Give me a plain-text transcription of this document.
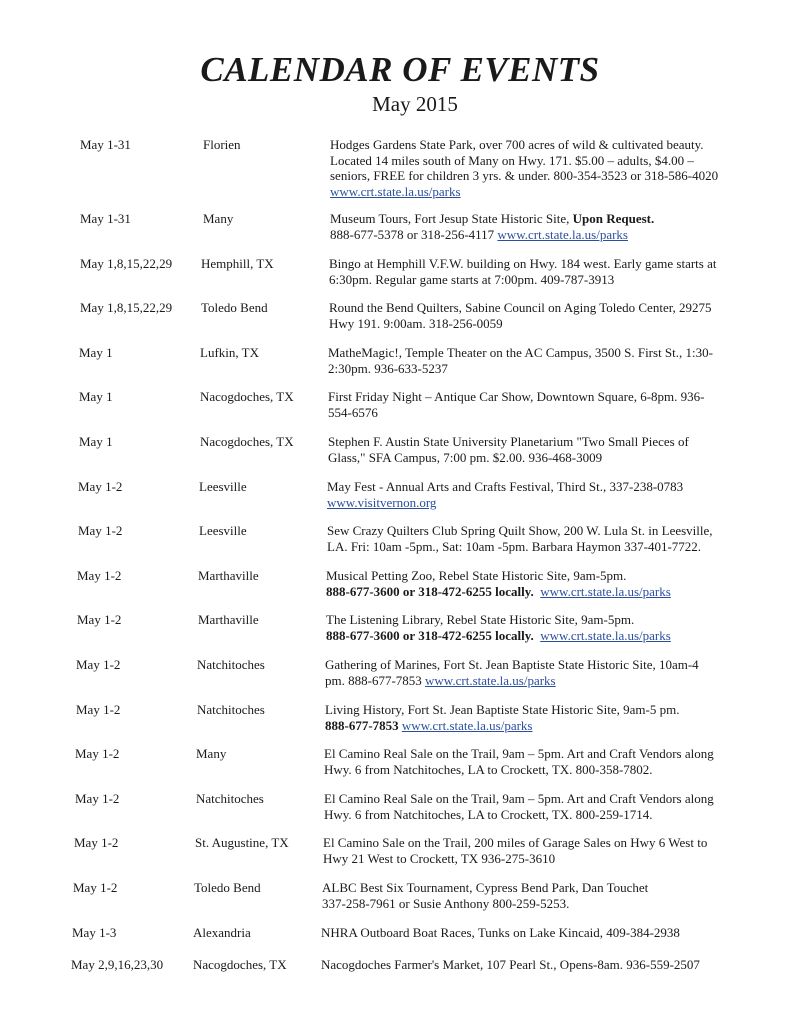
CALENDAR OF EVENTS
May 2015
May 1-31	Florien	Hodges Gardens State Park, over 700 acres of wild & cultivated beauty. Located 14 miles south of Many on Hwy. 171. $5.00 – adults, $4.00 – seniors, FREE for children 3 yrs. & under. 800-354-3523 or 318-586-4020 www.crt.state.la.us/parks
May 1-31	Many	Museum Tours, Fort Jesup State Historic Site, Upon Request.
888-677-5378 or 318-256-4117 www.crt.state.la.us/parks
May 1,8,15,22,29 Hemphill, TX	Bingo at Hemphill V.F.W. building on Hwy. 184 west. Early game starts at 6:30pm. Regular game starts at 7:00pm. 409-787-3913
May 1,8,15,22,29 Toledo Bend	Round the Bend Quilters, Sabine Council on Aging Toledo Center, 29275 Hwy 191. 9:00am. 318-256-0059
May 1	Lufkin, TX	MatheMagic!, Temple Theater on the AC Campus, 3500 S. First St., 1:30-2:30pm. 936-633-5237
May 1	Nacogdoches, TX	First Friday Night – Antique Car Show, Downtown Square, 6-8pm. 936-554-6576
May 1	Nacogdoches, TX	Stephen F. Austin State University Planetarium "Two Small Pieces of Glass," SFA Campus, 7:00 pm. $2.00. 936-468-3009
May 1-2	Leesville	May Fest - Annual Arts and Crafts Festival, Third St., 337-238-0783
www.visitvernon.org
May 1-2	Leesville	Sew Crazy Quilters Club Spring Quilt Show, 200 W. Lula St. in Leesville, LA. Fri: 10am -5pm., Sat: 10am -5pm. Barbara Haymon 337-401-7722.
May 1-2	Marthaville	Musical Petting Zoo, Rebel State Historic Site, 9am-5pm.
888-677-3600 or 318-472-6255 locally. www.crt.state.la.us/parks
May 1-2	Marthaville	The Listening Library, Rebel State Historic Site, 9am-5pm.
888-677-3600 or 318-472-6255 locally. www.crt.state.la.us/parks
May 1-2	Natchitoches	Gathering of Marines, Fort St. Jean Baptiste State Historic Site, 10am-4 pm. 888-677-7853 www.crt.state.la.us/parks
May 1-2	Natchitoches	Living History, Fort St. Jean Baptiste State Historic Site, 9am-5 pm.
888-677-7853 www.crt.state.la.us/parks
May 1-2	Many	El Camino Real Sale on the Trail, 9am – 5pm. Art and Craft Vendors along Hwy. 6 from Natchitoches, LA to Crockett, TX. 800-358-7802.
May 1-2	Natchitoches	El Camino Real Sale on the Trail, 9am – 5pm. Art and Craft Vendors along Hwy. 6 from Natchitoches, LA to Crockett, TX. 800-259-1714.
May 1-2	St. Augustine, TX	El Camino Sale on the Trail, 200 miles of Garage Sales on Hwy 6 West to Hwy 21 West to Crockett, TX 936-275-3610
May 1-2	Toledo Bend	ALBC Best Six Tournament, Cypress Bend Park, Dan Touchet 337-258-7961 or Susie Anthony 800-259-5253.
May 1-3	Alexandria	NHRA Outboard Boat Races, Tunks on Lake Kincaid, 409-384-2938
May 2,9,16,23,30 Nacogdoches, TX	Nacogdoches Farmer's Market, 107 Pearl St., Opens-8am. 936-559-2507
